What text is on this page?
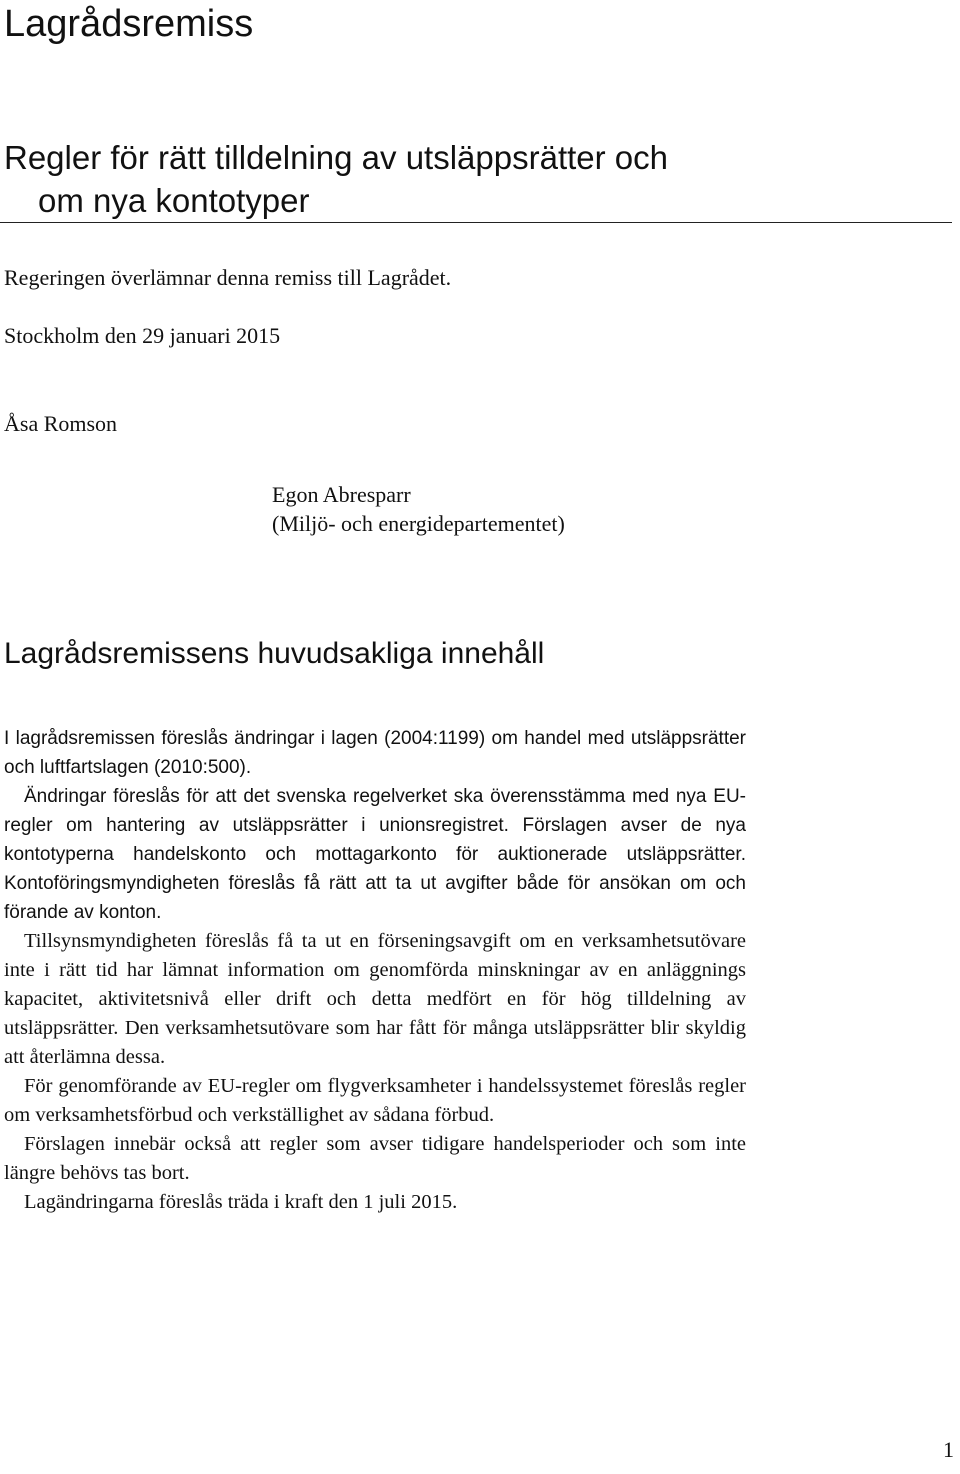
Lagrådsremiss
Regler för rätt tilldelning av utsläppsrätter och
om nya kontotyper

Regeringen överlämnar denna remiss till Lagrådet.

Stockholm den 29 januari 2015

Åsa Romson

Egon Abresparr
(Miljö- och energidepartementet)
Lagrådsremissens huvudsakliga innehåll

I lagrådsremissen föreslås ändringar i lagen (2004:1199) om handel med utsläppsrätter och luftfartslagen (2010:500).

Ändringar föreslås för att det svenska regelverket ska överensstämma med nya EU-regler om hantering av utsläppsrätter i unionsregistret. Förslagen avser de nya kontotyperna handelskonto och mottagarkonto för auktionerade utsläppsrätter. Kontoföringsmyndigheten föreslås få rätt att ta ut avgifter både för ansökan om och förande av konton.

Tillsynsmyndigheten föreslås få ta ut en förseningsavgift om en verksamhetsutövare inte i rätt tid har lämnat information om genomförda minskningar av en anläggnings kapacitet, aktivitetsnivå eller drift och detta medfört en för hög tilldelning av utsläppsrätter. Den verksamhetsutövare som har fått för många utsläppsrätter blir skyldig att återlämna dessa.

För genomförande av EU-regler om flygverksamheter i handelssystemet föreslås regler om verksamhetsförbud och verkställighet av sådana förbud.

Förslagen innebär också att regler som avser tidigare handelsperioder och som inte längre behövs tas bort.

Lagändringarna föreslås träda i kraft den 1 juli 2015.

1
